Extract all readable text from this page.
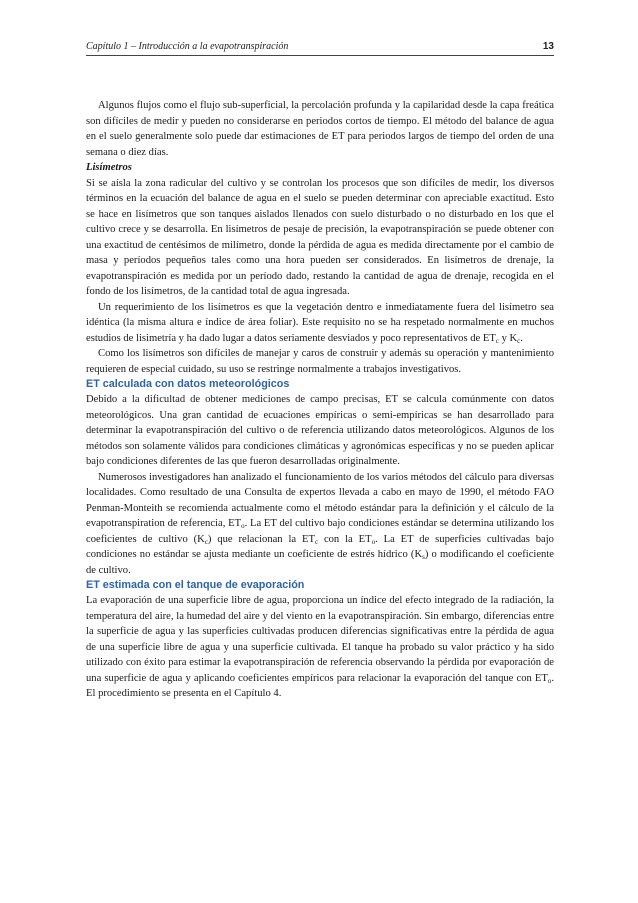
Capítulo 1 – Introducción a la evapotranspiración	13

Algunos flujos como el flujo sub-superficial, la percolación profunda y la capilaridad desde la capa freática son difíciles de medir y pueden no considerarse en periodos cortos de tiempo. El método del balance de agua en el suelo generalmente solo puede dar estimaciones de ET para periodos largos de tiempo del orden de una semana o diez días.

Lisímetros

Si se aísla la zona radicular del cultivo y se controlan los procesos que son difíciles de medir, los diversos términos en la ecuación del balance de agua en el suelo se pueden determinar con apreciable exactitud. Esto se hace en lisímetros que son tanques aislados llenados con suelo disturbado o no disturbado en los que el cultivo crece y se desarrolla. En lisímetros de pesaje de precisión, la evapotranspiración se puede obtener con una exactitud de centésimos de milímetro, donde la pérdida de agua es medida directamente por el cambio de masa y períodos pequeños tales como una hora pueden ser considerados. En lisímetros de drenaje, la evapotranspiración es medida por un período dado, restando la cantidad de agua de drenaje, recogida en el fondo de los lisímetros, de la cantidad total de agua ingresada.

Un requerimiento de los lisímetros es que la vegetación dentro e inmediatamente fuera del lisímetro sea idéntica (la misma altura e índice de área foliar). Este requisito no se ha respetado normalmente en muchos estudios de lisimetría y ha dado lugar a datos seriamente desviados y poco representativos de $ET_c$ y $K_c$.

Como los lisímetros son difíciles de manejar y caros de construir y además su operación y mantenimiento requieren de especial cuidado, su uso se restringe normalmente a trabajos investigativos.

ET calculada con datos meteorológicos

Debido a la dificultad de obtener mediciones de campo precisas, ET se calcula comúnmente con datos meteorológicos. Una gran cantidad de ecuaciones empíricas o semi-empíricas se han desarrollado para determinar la evapotranspiración del cultivo o de referencia utilizando datos meteorológicos. Algunos de los métodos son solamente válidos para condiciones climáticas y agronómicas específicas y no se pueden aplicar bajo condiciones diferentes de las que fueron desarrolladas originalmente.

Numerosos investigadores han analizado el funcionamiento de los varios métodos del cálculo para diversas localidades. Como resultado de una Consulta de expertos llevada a cabo en mayo de 1990, el método FAO Penman-Monteith se recomienda actualmente como el método estándar para la definición y el cálculo de la evapotranspiration de referencia, $ET_o$. La ET del cultivo bajo condiciones estándar se determina utilizando los coeficientes de cultivo $(K_c)$ que relacionan la $ET_c$ con la $ET_o$. La ET de superficies cultivadas bajo condiciones no estándar se ajusta mediante un coeficiente de estrés hídrico $(K_s)$ o modificando el coeficiente de cultivo.

ET estimada con el tanque de evaporación

La evaporación de una superficie libre de agua, proporciona un índice del efecto integrado de la radiación, la temperatura del aire, la humedad del aire y del viento en la evapotranspiración. Sin embargo, diferencias entre la superficie de agua y las superficies cultivadas producen diferencias significativas entre la pérdida de agua de una superficie libre de agua y una superficie cultivada. El tanque ha probado su valor práctico y ha sido utilizado con éxito para estimar la evapotranspiración de referencia observando la pérdida por evaporación de una superficie de agua y aplicando coeficientes empíricos para relacionar la evaporación del tanque con $ET_o$. El procedimiento se presenta en el Capítulo 4.
